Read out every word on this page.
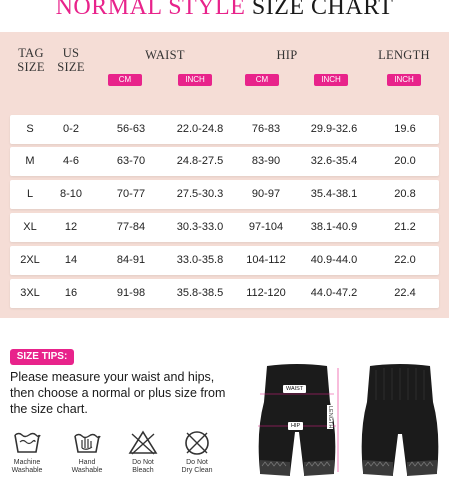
NORMAL STYLE SIZE CHART
TAG
SIZE
US
SIZE
WAIST	HIP	LENGTH
CM	INCH	CM	INCH	INCH
S	0-2	56-63	22.0-24.8	76-83	29.9-32.6	19.6
M	4-6	63-70	24.8-27.5	83-90	32.6-35.4	20.0
L	8-10	70-77	27.5-30.3	90-97	35.4-38.1	20.8
XL	12	77-84	30.3-33.0	97-104	38.1-40.9	21.2
2XL	14	84-91	33.0-35.8	104-112	40.9-44.0	22.0
3XL	16	91-98	35.8-38.5	112-120	44.0-47.2	22.4
SIZE TIPS:
Please measure your waist and hips, then choose a normal or plus size from the size chart.
Machine
Washable
Hand
Washable
Do Not
Bleach
Do Not
Dry Clean
WAIST
HIP	LENGTH
